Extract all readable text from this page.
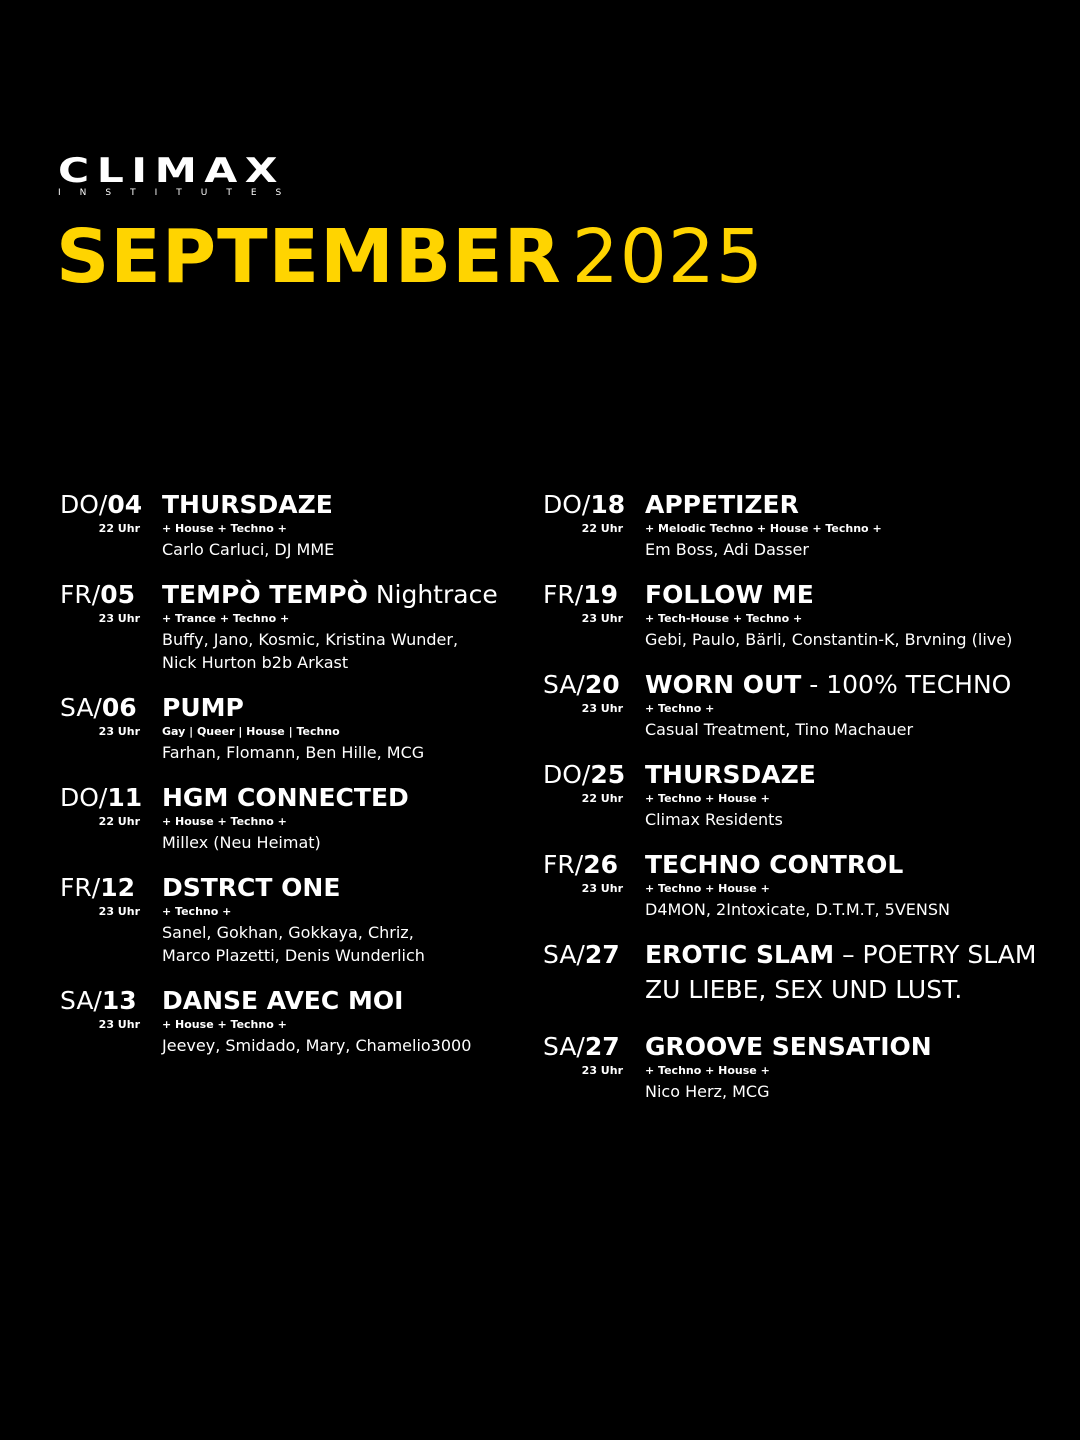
CLIMAX
INSTITUTES
SEPTEMBER 2025
DO/04
22 Uhr
THURSDAZE
+ House + Techno +
Carlo Carluci, DJ MME
FR/05
23 Uhr
TEMPÒ TEMPÒ Nightrace
+ Trance + Techno +
Buffy, Jano, Kosmic, Kristina Wunder,
Nick Hurton b2b Arkast
SA/06
23 Uhr
PUMP
Gay | Queer | House | Techno
Farhan, Flomann, Ben Hille, MCG
DO/11
22 Uhr
HGM CONNECTED
+ House + Techno +
Millex (Neu Heimat)
FR/12
23 Uhr
DSTRCT ONE
+ Techno +
Sanel, Gokhan, Gokkaya, Chriz,
Marco Plazetti, Denis Wunderlich
SA/13
23 Uhr
DANSE AVEC MOI
+ House + Techno +
Jeevey, Smidado, Mary, Chamelio3000
DO/18
22 Uhr
APPETIZER
+ Melodic Techno + House + Techno +
Em Boss, Adi Dasser
FR/19
23 Uhr
FOLLOW ME
+ Tech-House + Techno +
Gebi, Paulo, Bärli, Constantin-K, Brvning (live)
SA/20
23 Uhr
WORN OUT - 100% TECHNO
+ Techno +
Casual Treatment, Tino Machauer
DO/25
22 Uhr
THURSDAZE
+ Techno + House +
Climax Residents
FR/26
23 Uhr
TECHNO CONTROL
+ Techno + House +
D4MON, 2Intoxicate, D.T.M.T, 5VENSN
SA/27 EROTIC SLAM – POETRY SLAM
ZU LIEBE, SEX UND LUST.
SA/27
23 Uhr
GROOVE SENSATION
+ Techno + House +
Nico Herz, MCG
